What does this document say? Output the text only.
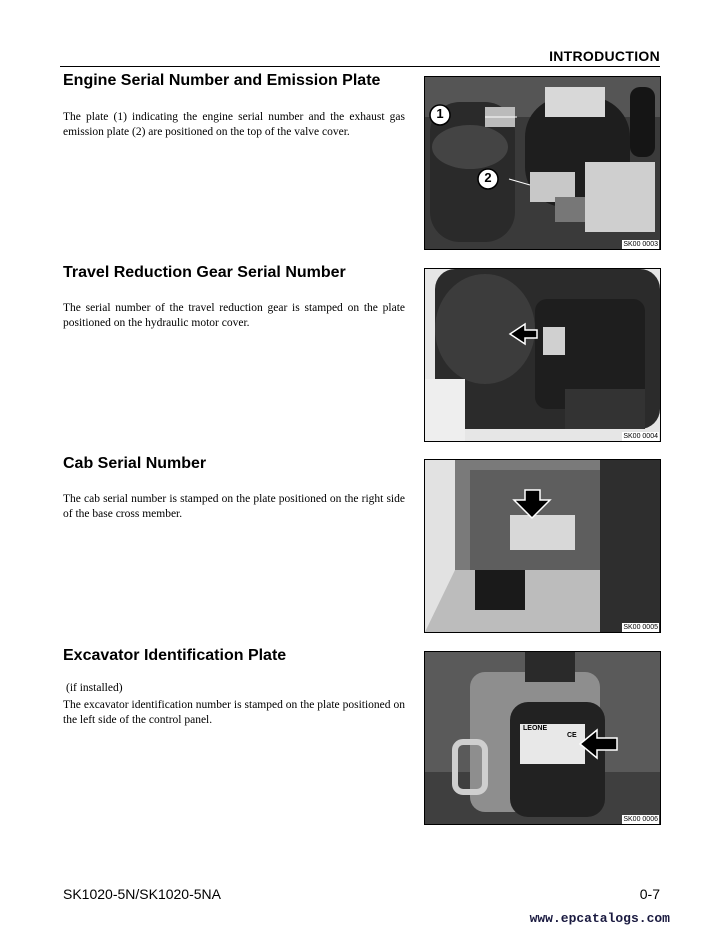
INTRODUCTION
Engine Serial Number and Emission Plate
The plate (1) indicating the engine serial number and the exhaust gas emission plate (2) are positioned on the top of the valve cover.
1
2
SK00 0003
Travel Reduction Gear Serial Number
The serial number of the travel reduction gear is stamped on the plate positioned on the hydraulic motor cover.
SK00 0004
Cab Serial Number
The cab serial number is stamped on the plate positioned on the right side of the base cross member.
SK00 0005
Excavator Identification Plate
(if installed)
The excavator identification number is stamped on the plate positioned on the left side of the control panel.
LEONE
CE
SK00 0006
SK1020-5N/SK1020-5NA	0-7
www.epcatalogs.com
